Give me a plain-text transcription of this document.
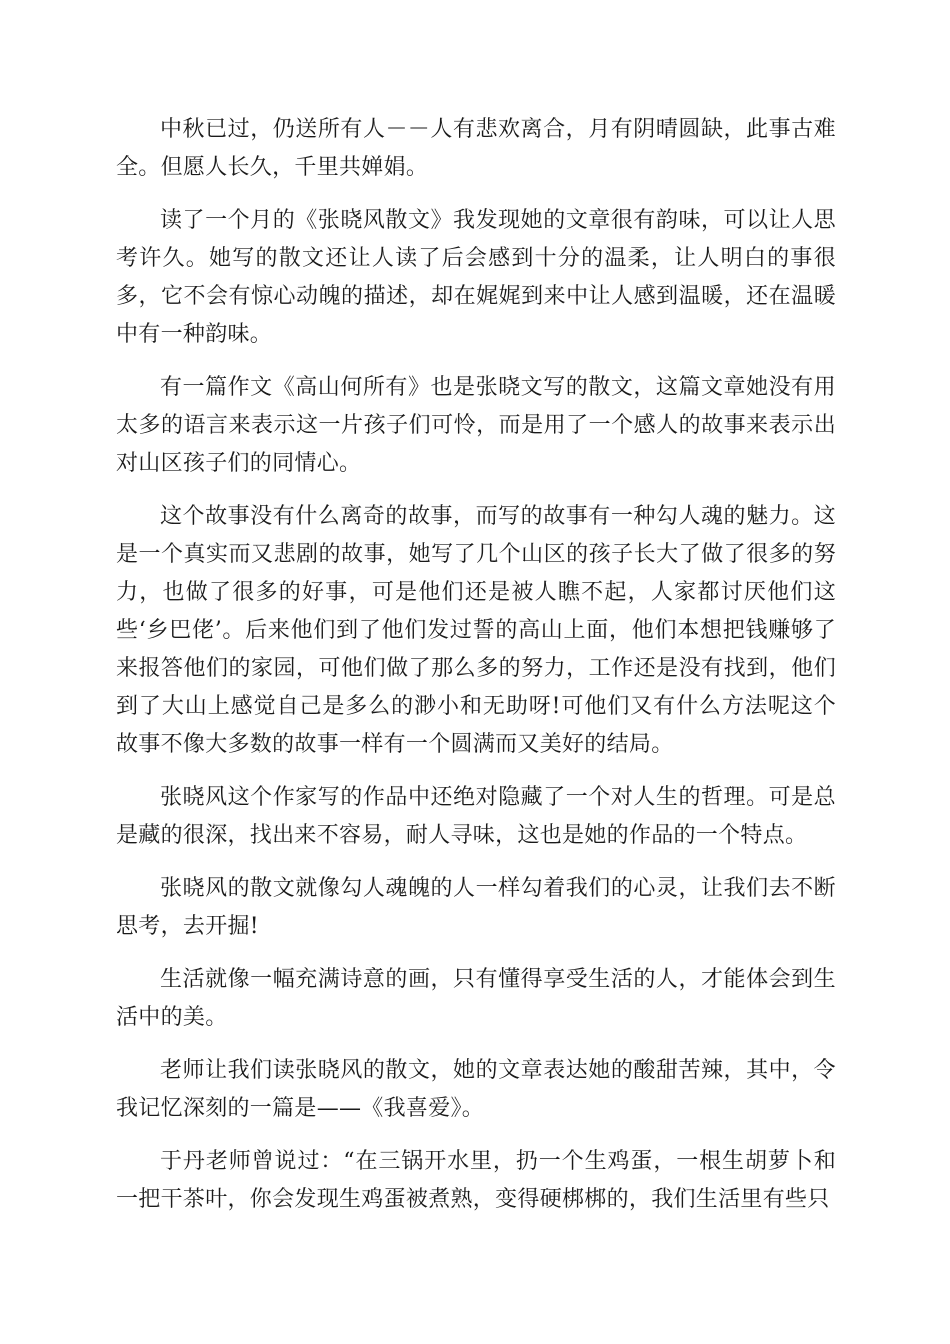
中秋已过，仍送所有人－－人有悲欢离合，月有阴晴圆缺，此事古难全。但愿人长久，千里共婵娟。

读了一个月的《张晓风散文》我发现她的文章很有韵味，可以让人思考许久。她写的散文还让人读了后会感到十分的温柔，让人明白的事很多，它不会有惊心动魄的描述，却在娓娓到来中让人感到温暖，还在温暖中有一种韵味。

有一篇作文《高山何所有》也是张晓文写的散文，这篇文章她没有用太多的语言来表示这一片孩子们可怜，而是用了一个感人的故事来表示出对山区孩子们的同情心。

这个故事没有什么离奇的故事，而写的故事有一种勾人魂的魅力。这是一个真实而又悲剧的故事，她写了几个山区的孩子长大了做了很多的努力，也做了很多的好事，可是他们还是被人瞧不起，人家都讨厌他们这些‘乡巴佬’。后来他们到了他们发过誓的高山上面，他们本想把钱赚够了来报答他们的家园，可他们做了那么多的努力，工作还是没有找到，他们到了大山上感觉自己是多么的渺小和无助呀!可他们又有什么方法呢这个故事不像大多数的故事一样有一个圆满而又美好的结局。

张晓风这个作家写的作品中还绝对隐藏了一个对人生的哲理。可是总是藏的很深，找出来不容易，耐人寻味，这也是她的作品的一个特点。

张晓风的散文就像勾人魂魄的人一样勾着我们的心灵，让我们去不断思考，去开掘!

生活就像一幅充满诗意的画，只有懂得享受生活的人，才能体会到生活中的美。

老师让我们读张晓风的散文，她的文章表达她的酸甜苦辣，其中，令我记忆深刻的一篇是——《我喜爱》。

于丹老师曾说过：“在三锅开水里，扔一个生鸡蛋，一根生胡萝卜和一把干茶叶，你会发现生鸡蛋被煮熟，变得硬梆梆的，我们生活里有些只
